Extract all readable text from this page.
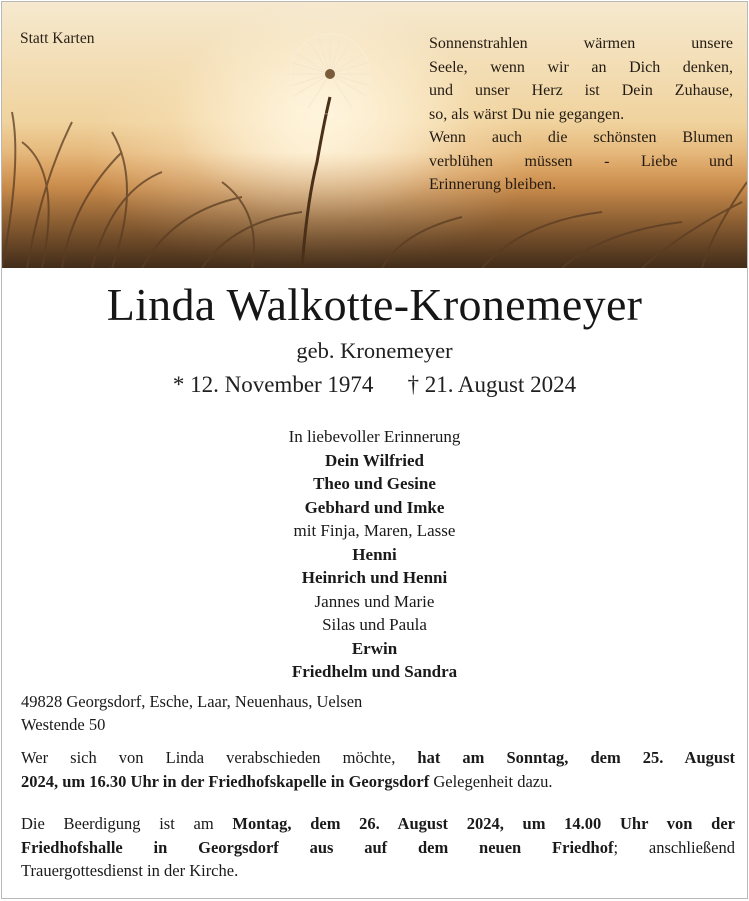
Statt Karten	Sonnenstrahlen wärmen unsere
Seele, wenn wir an Dich denken,
und unser Herz ist Dein Zuhause,
so, als wärst Du nie gegangen.
Wenn auch die schönsten Blumen
verblühen müssen - Liebe und
Erinnerung bleiben.
Linda Walkotte-Kronemeyer
geb. Kronemeyer
* 12. November 1974 † 21. August 2024
In liebevoller Erinnerung
Dein Wilfried
Theo und Gesine
Gebhard und Imke
mit Finja, Maren, Lasse
Henni
Heinrich und Henni
Jannes und Marie
Silas und Paula
Erwin
Friedhelm und Sandra
49828 Georgsdorf, Esche, Laar, Neuenhaus, Uelsen
Westende 50
Wer sich von Linda verabschieden möchte, hat am Sonntag, dem 25. August
2024, um 16.30 Uhr in der Friedhofskapelle in Georgsdorf Gelegenheit dazu.
Die Beerdigung ist am Montag, dem 26. August 2024, um 14.00 Uhr von der
Friedhofshalle in Georgsdorf aus auf dem neuen Friedhof; anschließend
Trauergottesdienst in der Kirche.
